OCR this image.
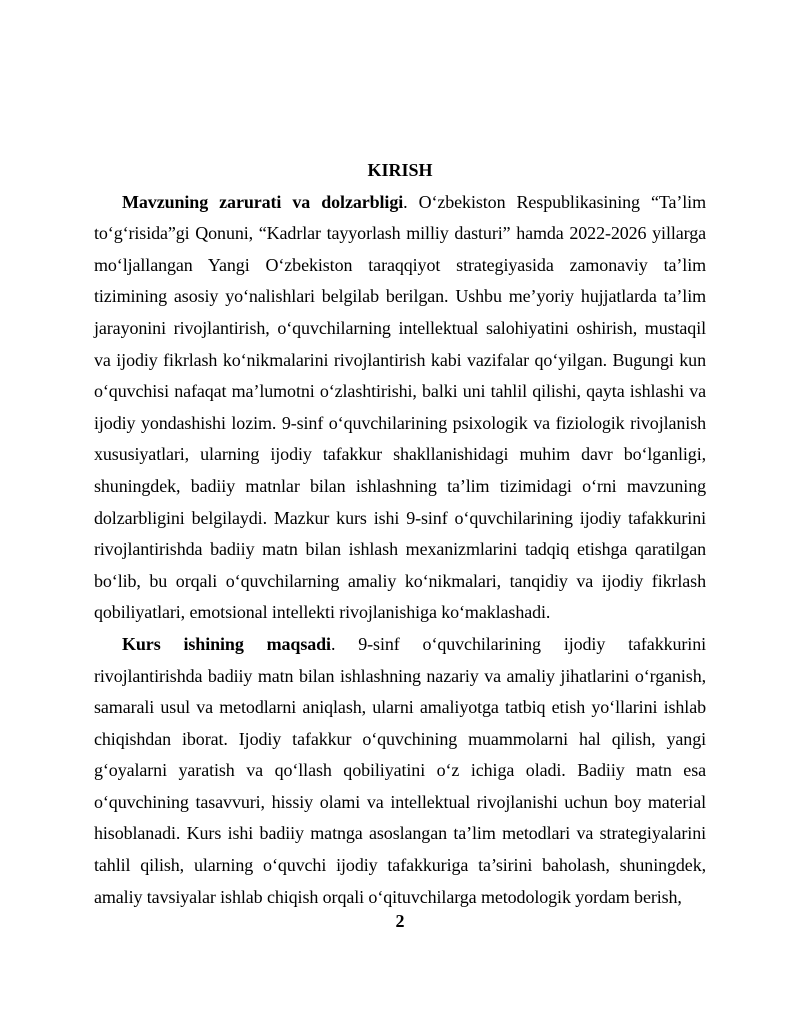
KIRISH

Mavzuning zarurati va dolzarbligi. O‘zbekiston Respublikasining “Ta’lim to‘g‘risida”gi Qonuni, “Kadrlar tayyorlash milliy dasturi” hamda 2022-2026 yillarga mo‘ljallangan Yangi O‘zbekiston taraqqiyot strategiyasida zamonaviy ta’lim tizimining asosiy yo‘nalishlari belgilab berilgan. Ushbu me’yoriy hujjatlarda ta’lim jarayonini rivojlantirish, o‘quvchilarning intellektual salohiyatini oshirish, mustaqil va ijodiy fikrlash ko‘nikmalarini rivojlantirish kabi vazifalar qo‘yilgan. Bugungi kun o‘quvchisi nafaqat ma’lumotni o‘zlashtirishi, balki uni tahlil qilishi, qayta ishlashi va ijodiy yondashishi lozim. 9-sinf o‘quvchilarining psixologik va fiziologik rivojlanish xususiyatlari, ularning ijodiy tafakkur shakllanishidagi muhim davr bo‘lganligi, shuningdek, badiiy matnlar bilan ishlashning ta’lim tizimidagi o‘rni mavzuning dolzarbligini belgilaydi. Mazkur kurs ishi 9-sinf o‘quvchilarining ijodiy tafakkurini rivojlantirishda badiiy matn bilan ishlash mexanizmlarini tadqiq etishga qaratilgan bo‘lib, bu orqali o‘quvchilarning amaliy ko‘nikmalari, tanqidiy va ijodiy fikrlash qobiliyatlari, emotsional intellekti rivojlanishiga ko‘maklashadi.

Kurs ishining maqsadi. 9-sinf o‘quvchilarining ijodiy tafakkurini rivojlantirishda badiiy matn bilan ishlashning nazariy va amaliy jihatlarini o‘rganish, samarali usul va metodlarni aniqlash, ularni amaliyotga tatbiq etish yo‘llarini ishlab chiqishdan iborat. Ijodiy tafakkur o‘quvchining muammolarni hal qilish, yangi g‘oyalarni yaratish va qo‘llash qobiliyatini o‘z ichiga oladi. Badiiy matn esa o‘quvchining tasavvuri, hissiy olami va intellektual rivojlanishi uchun boy material hisoblanadi. Kurs ishi badiiy matnga asoslangan ta’lim metodlari va strategiyalarini tahlil qilish, ularning o‘quvchi ijodiy tafakkuriga ta’sirini baholash, shuningdek, amaliy tavsiyalar ishlab chiqish orqali o‘qituvchilarga metodologik yordam berish,

2
